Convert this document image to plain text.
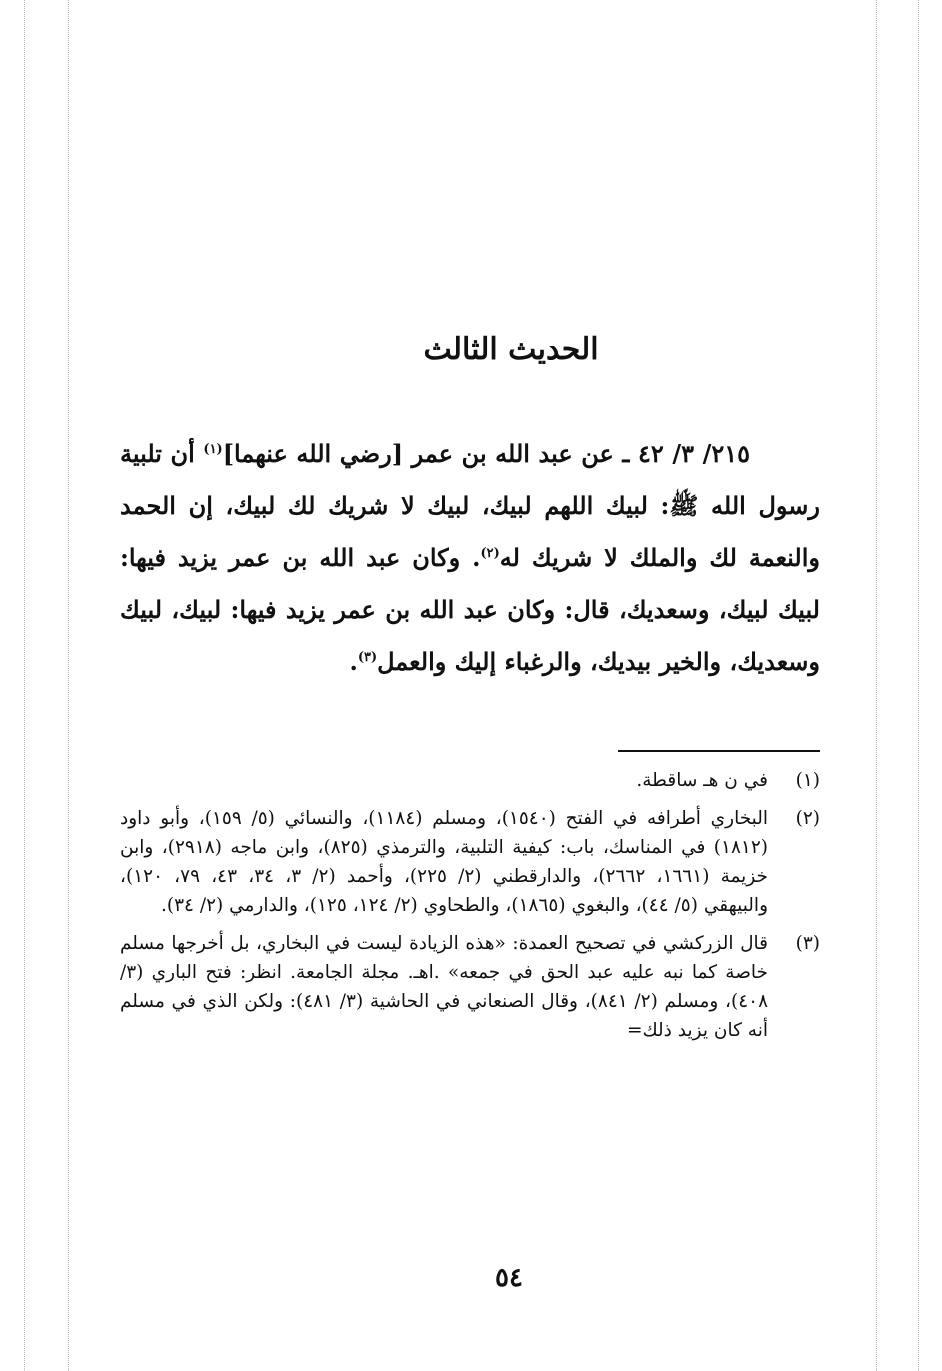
الحديث الثالث

٢١٥/ ٣/ ٤٢ ـ عن عبد الله بن عمر [رضي الله عنهما]$^{(١)}$ أن تلبية رسول الله ﷺ: لبيك اللهم لبيك، لبيك لا شريك لك لبيك، إن الحمد والنعمة لك والملك لا شريك له$^{(٢)}$. وكان عبد الله بن عمر يزيد فيها: لبيك لبيك، وسعديك، قال: وكان عبد الله بن عمر يزيد فيها: لبيك، لبيك وسعديك، والخير بيديك، والرغباء إليك والعمل$^{(٣)}$.

(١)
في ن هـ ساقطة.
(٢)
البخاري أطرافه في الفتح (١٥٤٠)، ومسلم (١١٨٤)، والنسائي (٥/ ١٥٩)، وأبو داود (١٨١٢) في المناسك، باب: كيفية التلبية، والترمذي (٨٢٥)، وابن ماجه (٢٩١٨)، وابن خزيمة (١٦٦١، ٢٦٦٢)، والدارقطني (٢/ ٢٢٥)، وأحمد (٢/ ٣، ٣٤، ٤٣، ٧٩، ١٢٠)، والبيهقي (٥/ ٤٤)، والبغوي (١٨٦٥)، والطحاوي (٢/ ١٢٤، ١٢٥)، والدارمي (٢/ ٣٤).
(٣)
قال الزركشي في تصحيح العمدة: «هذه الزيادة ليست في البخاري، بل أخرجها مسلم خاصة كما نبه عليه عبد الحق في جمعه» .اهـ. مجلة الجامعة. انظر: فتح الباري (٣/ ٤٠٨)، ومسلم (٢/ ٨٤١)، وقال الصنعاني في الحاشية (٣/ ٤٨١): ولكن الذي في مسلم أنه كان يزيد ذلك=
٥٤
